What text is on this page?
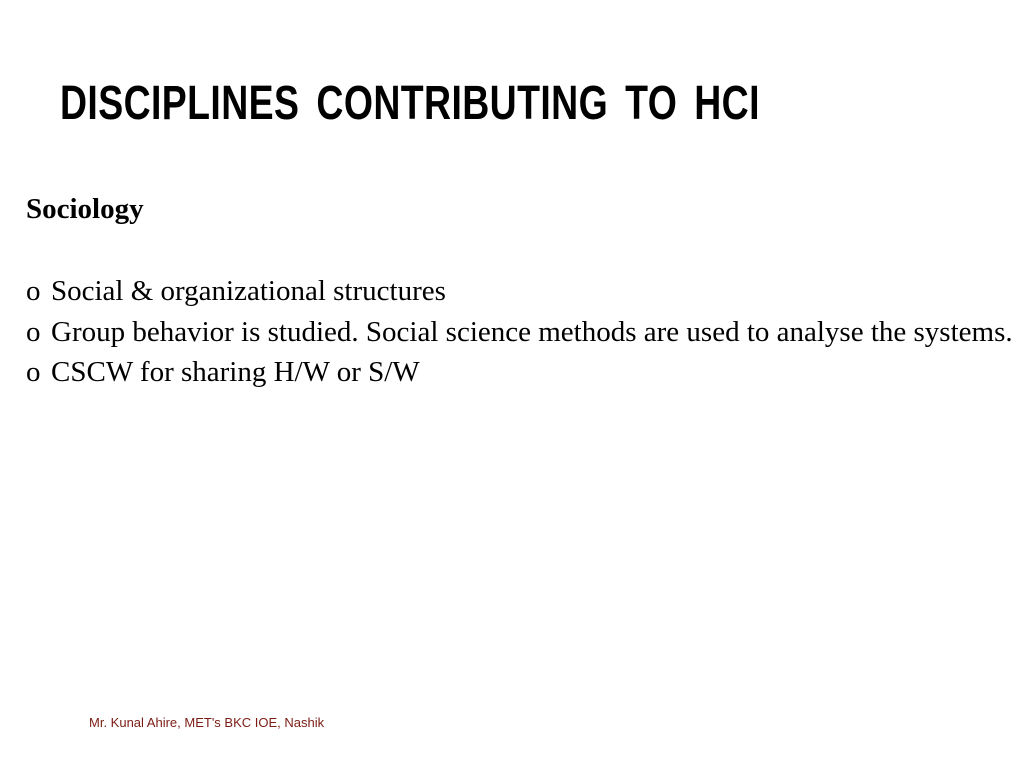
DISCIPLINES CONTRIBUTING TO HCI
Sociology
o Social & organizational structures
o Group behavior is studied. Social science methods are used to analyse the systems.
o CSCW for sharing H/W or S/W
Mr. Kunal Ahire, MET's BKC IOE, Nashik
